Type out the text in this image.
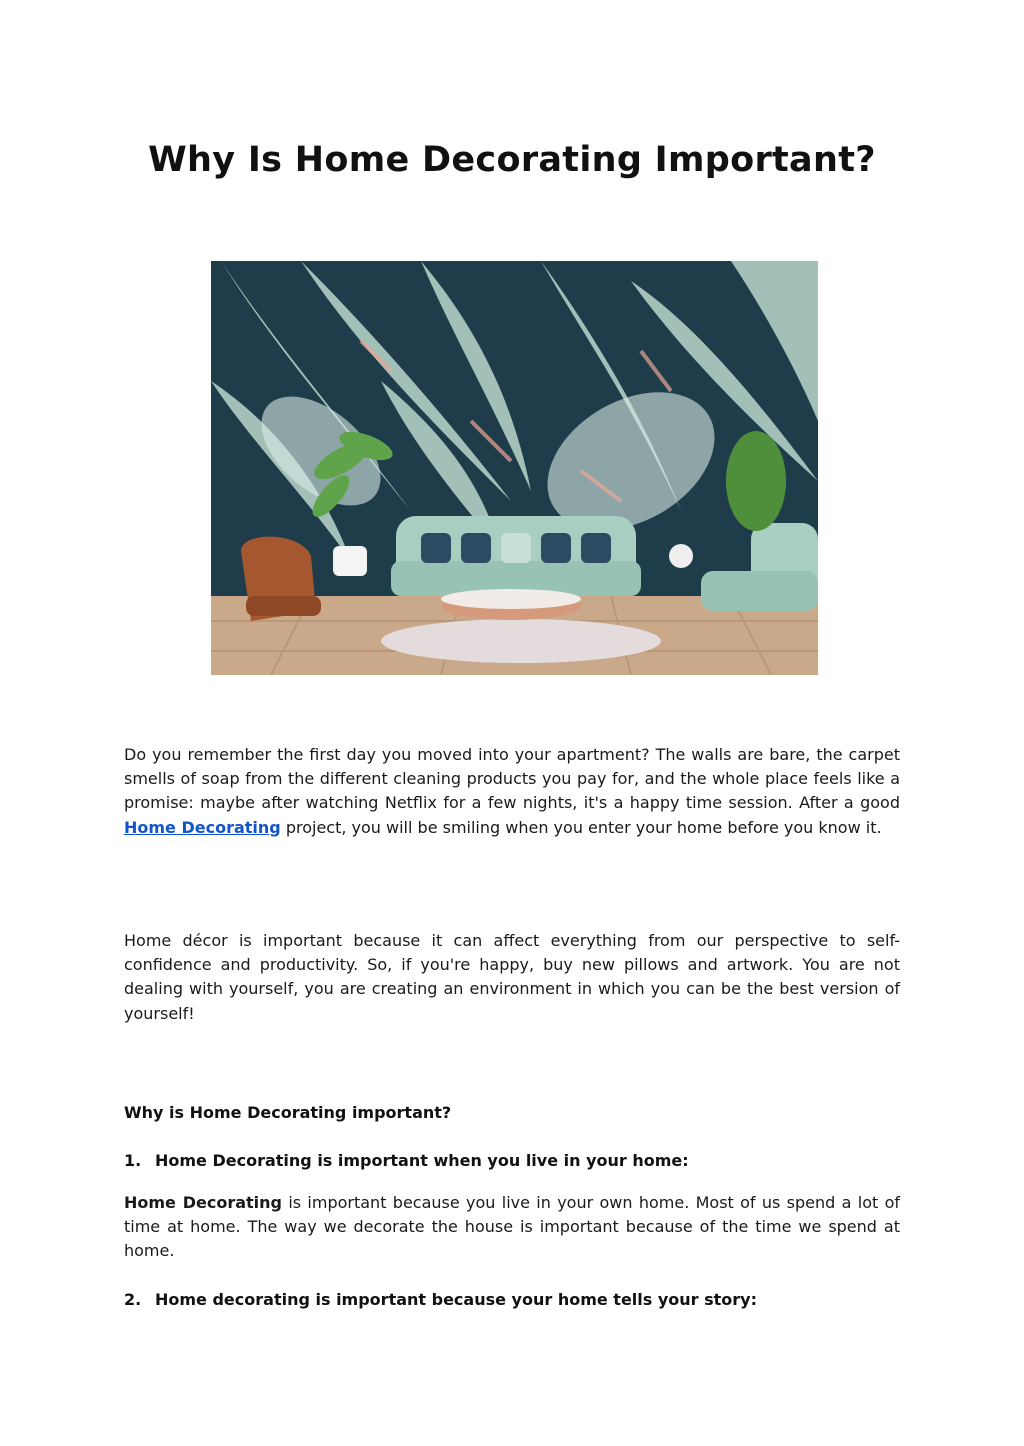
Why Is Home Decorating Important?

Do you remember the first day you moved into your apartment? The walls are bare, the carpet smells of soap from the different cleaning products you pay for, and the whole place feels like a promise: maybe after watching Netflix for a few nights, it's a happy time session. After a good Home Decorating project, you will be smiling when you enter your home before you know it.

Home décor is important because it can affect everything from our perspective to self-confidence and productivity. So, if you're happy, buy new pillows and artwork. You are not dealing with yourself, you are creating an environment in which you can be the best version of yourself!

Why is Home Decorating important?
1. Home Decorating is important when you live in your home:

Home Decorating is important because you live in your own home. Most of us spend a lot of time at home. The way we decorate the house is important because of the time we spend at home.

2. Home decorating is important because your home tells your story:
